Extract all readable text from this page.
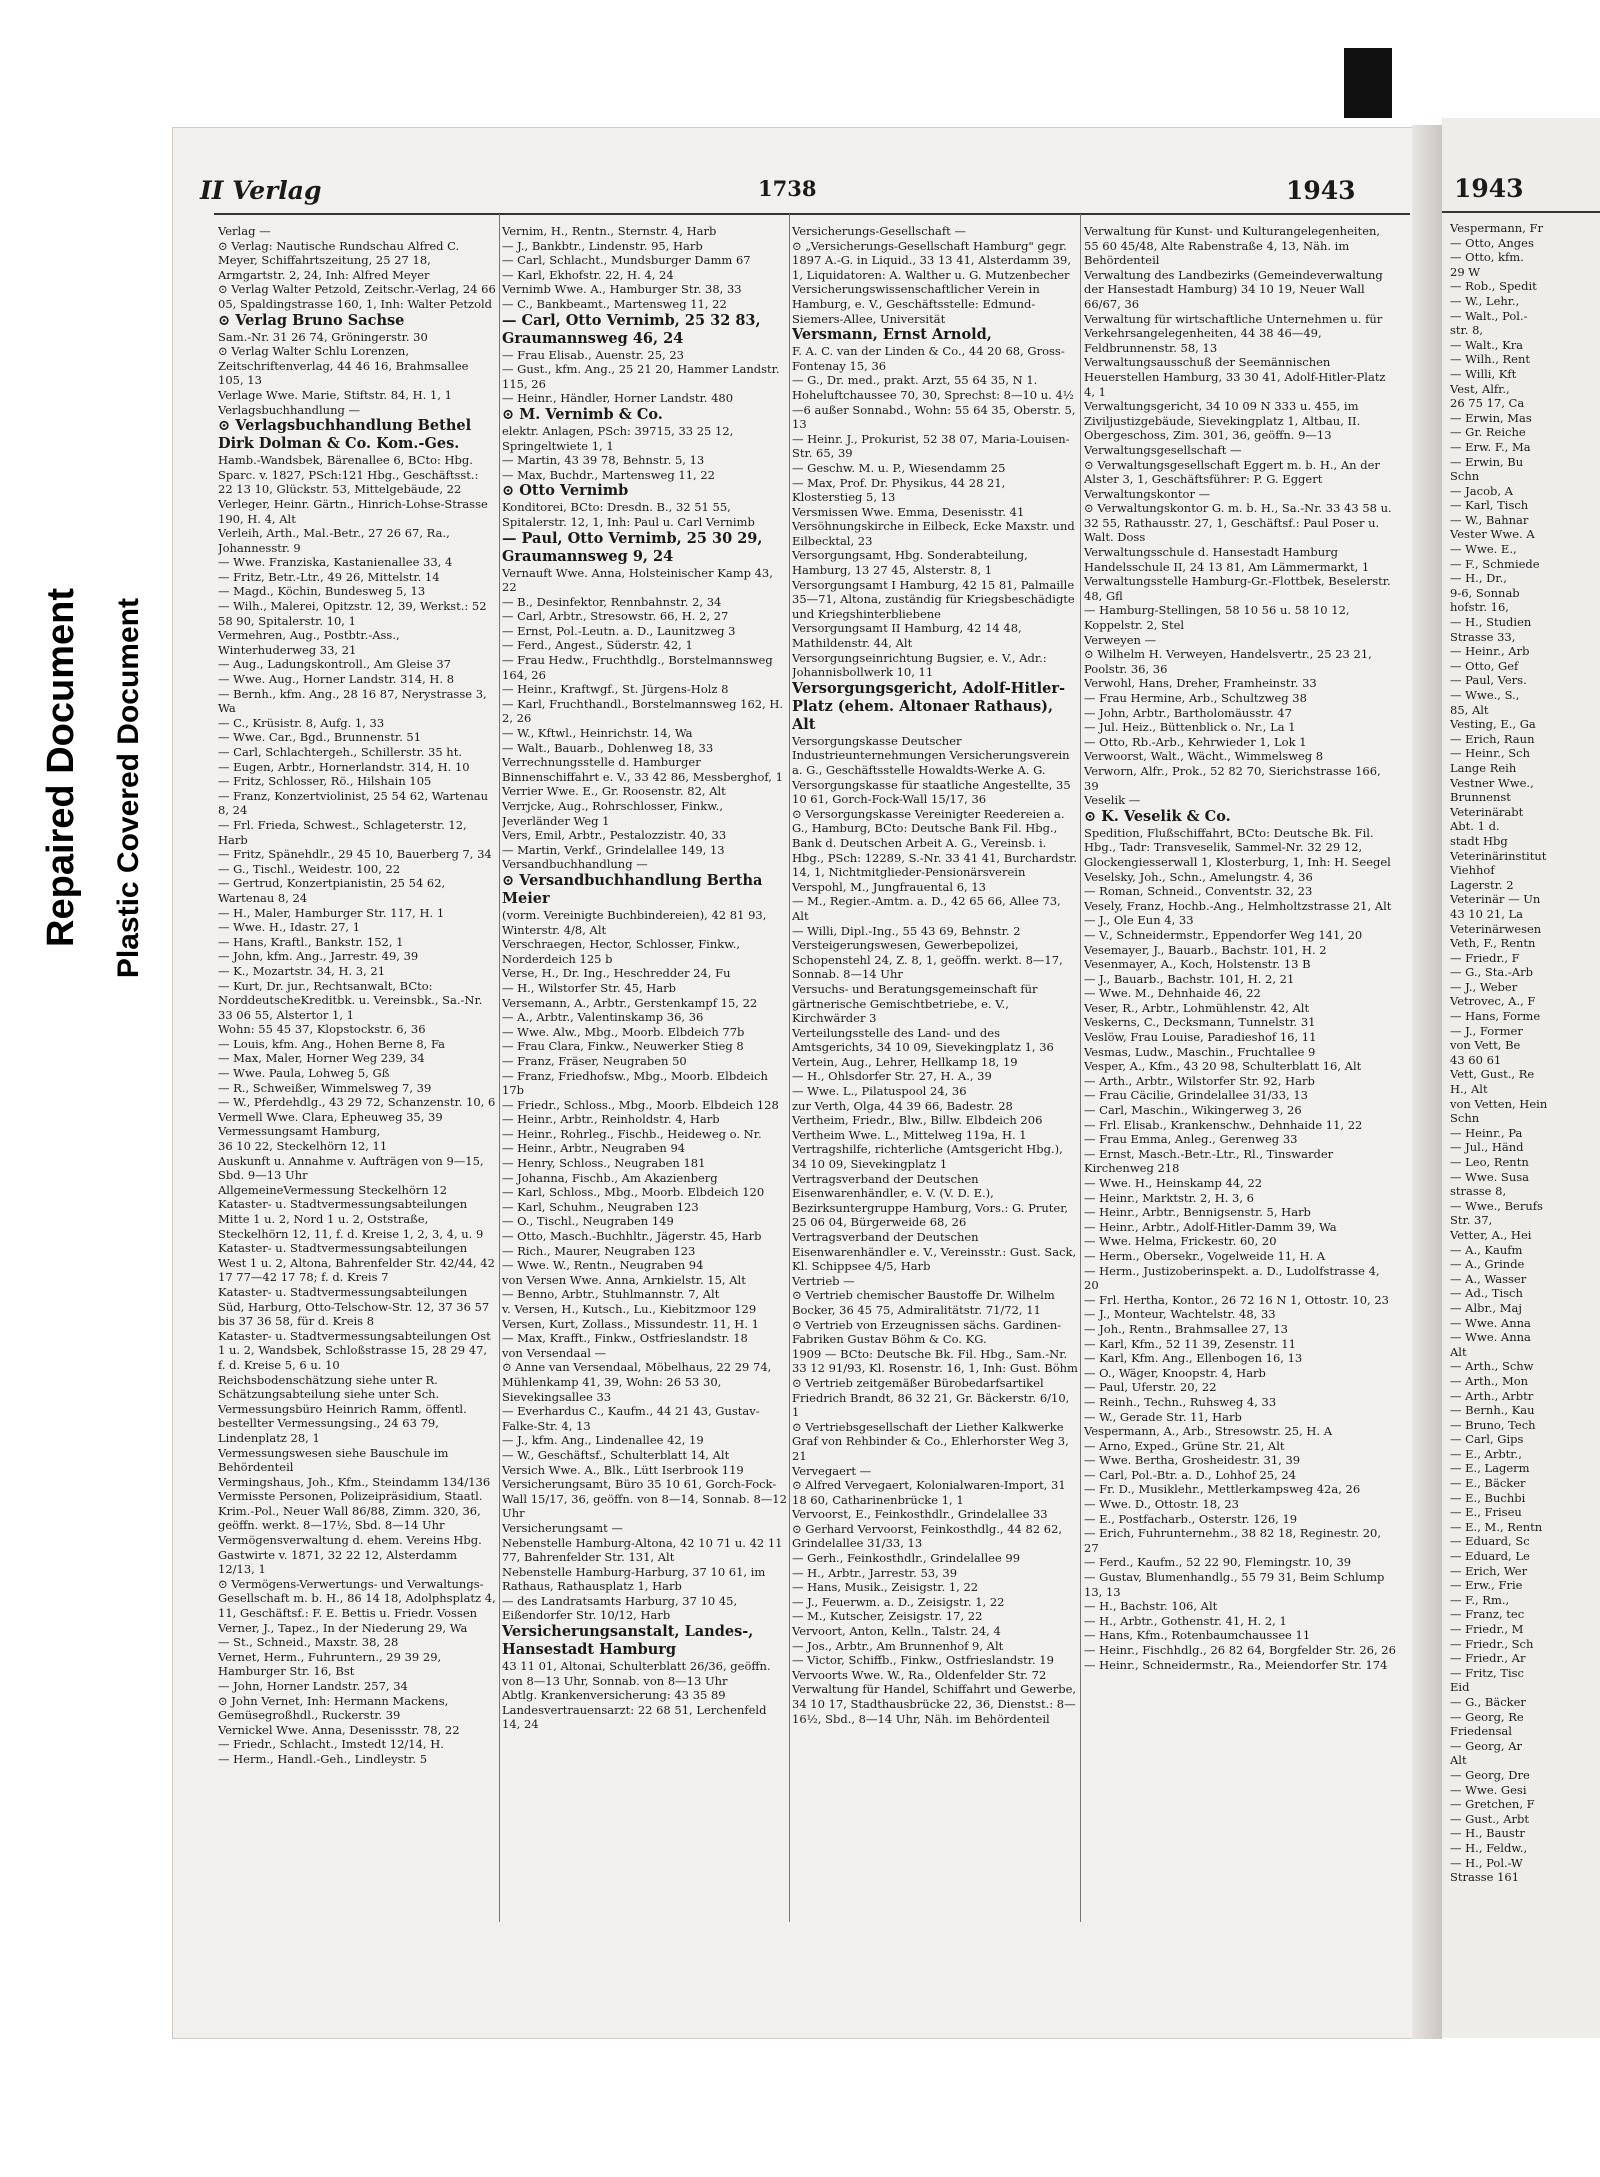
Repaired Document Plastic Covered Document
II Verlag	1738	1943
Verlag —
⊙ Verlag: Nautische Rundschau Alfred C. Meyer, Schiffahrtszeitung, 25 27 18, Armgartstr. 2, 24, Inh: Alfred Meyer
⊙ Verlag Walter Petzold, Zeitschr.-Verlag, 24 66 05, Spaldingstrasse 160, 1, Inh: Walter Petzold
⊙ Verlag Bruno Sachse
Sam.-Nr. 31 26 74, Gröningerstr. 30
⊙ Verlag Walter Schlu Lorenzen, Zeitschriftenverlag, 44 46 16, Brahmsallee 105, 13
Verlage Wwe. Marie, Stiftstr. 84, H. 1, 1
Verlagsbuchhandlung —
⊙ Verlagsbuchhandlung Bethel Dirk Dolman & Co. Kom.-Ges.
Hamb.-Wandsbek, Bärenallee 6, BCto: Hbg. Sparc. v. 1827, PSch:121 Hbg., Geschäftsst.: 22 13 10, Glückstr. 53, Mittelgebäude, 22
Verleger, Heinr. Gärtn., Hinrich-Lohse-Strasse 190, H. 4, Alt
Verleih, Arth., Mal.-Betr., 27 26 67, Ra., Johannesstr. 9
— Wwe. Franziska, Kastanienallee 33, 4
— Fritz, Betr.-Ltr., 49 26, Mittelstr. 14
— Magd., Köchin, Bundesweg 5, 13
— Wilh., Malerei, Opitzstr. 12, 39, Werkst.: 52 58 90, Spitalerstr. 10, 1
Vermehren, Aug., Postbtr.-Ass., Winterhuderweg 33, 21
— Aug., Ladungskontroll., Am Gleise 37
— Wwe. Aug., Horner Landstr. 314, H. 8
— Bernh., kfm. Ang., 28 16 87, Nerystrasse 3, Wa
— C., Krüsistr. 8, Aufg. 1, 33
— Wwe. Car., Bgd., Brunnenstr. 51
— Carl, Schlachtergeh., Schillerstr. 35 ht.
— Eugen, Arbtr., Hornerlandstr. 314, H. 10
— Fritz, Schlosser, Rö., Hilshain 105
— Franz, Konzertviolinist, 25 54 62, Wartenau 8, 24
— Frl. Frieda, Schwest., Schlageterstr. 12, Harb
— Fritz, Spänehdlr., 29 45 10, Bauerberg 7, 34
— G., Tischl., Weidestr. 100, 22
— Gertrud, Konzertpianistin, 25 54 62, Wartenau 8, 24
— H., Maler, Hamburger Str. 117, H. 1
— Wwe. H., Idastr. 27, 1
— Hans, Kraftl., Bankstr. 152, 1
— John, kfm. Ang., Jarrestr. 49, 39
— K., Mozartstr. 34, H. 3, 21
— Kurt, Dr. jur., Rechtsanwalt, BCto: NorddeutscheKreditbk. u. Vereinsbk., Sa.-Nr. 33 06 55, Alstertor 1, 1
Wohn: 55 45 37, Klopstockstr. 6, 36
— Louis, kfm. Ang., Hohen Berne 8, Fa
— Max, Maler, Horner Weg 239, 34
— Wwe. Paula, Lohweg 5, Gß
— R., Schweißer, Wimmelsweg 7, 39
— W., Pferdehdlg., 43 29 72, Schanzenstr. 10, 6
Vermell Wwe. Clara, Epheuweg 35, 39
Vermessungsamt Hamburg,
36 10 22, Steckelhörn 12, 11
Auskunft u. Annahme v. Aufträgen von 9—15, Sbd. 9—13 Uhr
AllgemeineVermessung Steckelhörn 12
Kataster- u. Stadtvermessungsabteilungen Mitte 1 u. 2, Nord 1 u. 2, Oststraße, Steckelhörn 12, 11, f. d. Kreise 1, 2, 3, 4, u. 9
Kataster- u. Stadtvermessungsabteilungen West 1 u. 2, Altona, Bahrenfelder Str. 42/44, 42 17 77—42 17 78; f. d. Kreis 7
Kataster- u. Stadtvermessungsabteilungen Süd, Harburg, Otto-Telschow-Str. 12, 37 36 57 bis 37 36 58, für d. Kreis 8
Kataster- u. Stadtvermessungsabteilungen Ost 1 u. 2, Wandsbek, Schloßstrasse 15, 28 29 47, f. d. Kreise 5, 6 u. 10
Reichsbodenschätzung siehe unter R. Schätzungsabteilung siehe unter Sch.
Vermessungsbüro Heinrich Ramm, öffentl. bestellter Vermessungsing., 24 63 79, Lindenplatz 28, 1
Vermessungswesen siehe Bauschule im Behördenteil
Vermingshaus, Joh., Kfm., Steindamm 134/136
Vermisste Personen, Polizeipräsidium, Staatl. Krim.-Pol., Neuer Wall 86/88, Zimm. 320, 36, geöffn. werkt. 8—17½, Sbd. 8—14 Uhr
Vermögensverwaltung d. ehem. Vereins Hbg. Gastwirte v. 1871, 32 22 12, Alsterdamm 12/13, 1
⊙ Vermögens-Verwertungs- und Verwaltungs-Gesellschaft m. b. H., 86 14 18, Adolphsplatz 4, 11, Geschäftsf.: F. E. Bettis u. Friedr. Vossen
Verner, J., Tapez., In der Niederung 29, Wa
— St., Schneid., Maxstr. 38, 28
Vernet, Herm., Fuhruntern., 29 39 29, Hamburger Str. 16, Bst
— John, Horner Landstr. 257, 34
⊙ John Vernet, Inh: Hermann Mackens, Gemüsegroßhdl., Ruckerstr. 39
Vernickel Wwe. Anna, Desenissstr. 78, 22
— Friedr., Schlacht., Imstedt 12/14, H.
— Herm., Handl.-Geh., Lindleystr. 5
Vernim, H., Rentn., Sternstr. 4, Harb
— J., Bankbtr., Lindenstr. 95, Harb
— Carl, Schlacht., Mundsburger Damm 67
— Karl, Ekhofstr. 22, H. 4, 24
Vernimb Wwe. A., Hamburger Str. 38, 33
— C., Bankbeamt., Martensweg 11, 22
— Carl, Otto Vernimb, 25 32 83, Graumannsweg 46, 24
— Frau Elisab., Auenstr. 25, 23
— Gust., kfm. Ang., 25 21 20, Hammer Landstr. 115, 26
— Heinr., Händler, Horner Landstr. 480
⊙ M. Vernimb & Co.
elektr. Anlagen, PSch: 39715, 33 25 12, Springeltwiete 1, 1
— Martin, 43 39 78, Behnstr. 5, 13
— Max, Buchdr., Martensweg 11, 22
⊙ Otto Vernimb
Konditorei, BCto: Dresdn. B., 32 51 55, Spitalerstr. 12, 1, Inh: Paul u. Carl Vernimb
— Paul, Otto Vernimb, 25 30 29, Graumannsweg 9, 24
Vernauft Wwe. Anna, Holsteinischer Kamp 43, 22
— B., Desinfektor, Rennbahnstr. 2, 34
— Carl, Arbtr., Stresowstr. 66, H. 2, 27
— Ernst, Pol.-Leutn. a. D., Launitzweg 3
— Ferd., Angest., Süderstr. 42, 1
— Frau Hedw., Fruchthdlg., Borstelmannsweg 164, 26
— Heinr., Kraftwgf., St. Jürgens-Holz 8
— Karl, Fruchthandl., Borstelmannsweg 162, H. 2, 26
— W., Kftwl., Heinrichstr. 14, Wa
— Walt., Bauarb., Dohlenweg 18, 33
Verrechnungsstelle d. Hamburger Binnenschiffahrt e. V., 33 42 86, Messberghof, 1
Verrier Wwe. E., Gr. Roosenstr. 82, Alt
Verrjcke, Aug., Rohrschlosser, Finkw., Jeverländer Weg 1
Vers, Emil, Arbtr., Pestalozzistr. 40, 33
— Martin, Verkf., Grindelallee 149, 13
Versandbuchhandlung —
⊙ Versandbuchhandlung Bertha Meier
(vorm. Vereinigte Buchbindereien), 42 81 93, Winterstr. 4/8, Alt
Verschraegen, Hector, Schlosser, Finkw., Norderdeich 125 b
Verse, H., Dr. Ing., Heschredder 24, Fu
— H., Wilstorfer Str. 45, Harb
Versemann, A., Arbtr., Gerstenkampf 15, 22
— A., Arbtr., Valentinskamp 36, 36
— Wwe. Alw., Mbg., Moorb. Elbdeich 77b
— Frau Clara, Finkw., Neuwerker Stieg 8
— Franz, Fräser, Neugraben 50
— Franz, Friedhofsw., Mbg., Moorb. Elbdeich 17b
— Friedr., Schloss., Mbg., Moorb. Elbdeich 128
— Heinr., Arbtr., Reinholdstr. 4, Harb
— Heinr., Rohrleg., Fischb., Heideweg o. Nr.
— Heinr., Arbtr., Neugraben 94
— Henry, Schloss., Neugraben 181
— Johanna, Fischb., Am Akazienberg
— Karl, Schloss., Mbg., Moorb. Elbdeich 120
— Karl, Schuhm., Neugraben 123
— O., Tischl., Neugraben 149
— Otto, Masch.-Buchhltr., Jägerstr. 45, Harb
— Rich., Maurer, Neugraben 123
— Wwe. W., Rentn., Neugraben 94
von Versen Wwe. Anna, Arnkielstr. 15, Alt
— Benno, Arbtr., Stuhlmannstr. 7, Alt
v. Versen, H., Kutsch., Lu., Kiebitzmoor 129
Versen, Kurt, Zollass., Missundestr. 11, H. 1
— Max, Krafft., Finkw., Ostfrieslandstr. 18
von Versendaal —
⊙ Anne van Versendaal, Möbelhaus, 22 29 74, Mühlenkamp 41, 39, Wohn: 26 53 30, Sievekingsallee 33
— Everhardus C., Kaufm., 44 21 43, Gustav-Falke-Str. 4, 13
— J., kfm. Ang., Lindenallee 42, 19
— W., Geschäftsf., Schulterblatt 14, Alt
Versich Wwe. A., Blk., Lütt Iserbrook 119
Versicherungsamt, Büro 35 10 61, Gorch-Fock-Wall 15/17, 36, geöffn. von 8—14, Sonnab. 8—12 Uhr
Versicherungsamt —
Nebenstelle Hamburg-Altona, 42 10 71 u. 42 11 77, Bahrenfelder Str. 131, Alt
Nebenstelle Hamburg-Harburg, 37 10 61, im Rathaus, Rathausplatz 1, Harb
— des Landratsamts Harburg, 37 10 45, Eißendorfer Str. 10/12, Harb
Versicherungsanstalt, Landes-, Hansestadt Hamburg
43 11 01, Altonai, Schulterblatt 26/36, geöffn. von 8—13 Uhr, Sonnab. von 8—13 Uhr
Abtlg. Krankenversicherung: 43 35 89
Landesvertrauensarzt: 22 68 51, Lerchenfeld 14, 24
Versicherungs-Gesellschaft —
⊙ „Versicherungs-Gesellschaft Hamburg" gegr. 1897 A.-G. in Liquid., 33 13 41, Alsterdamm 39, 1, Liquidatoren: A. Walther u. G. Mutzenbecher
Versicherungswissenschaftlicher Verein in Hamburg, e. V., Geschäftsstelle: Edmund-Siemers-Allee, Universität
Versmann, Ernst Arnold,
F. A. C. van der Linden & Co., 44 20 68, Gross-Fontenay 15, 36
— G., Dr. med., prakt. Arzt, 55 64 35, N 1. Hoheluftchaussee 70, 30, Sprechst: 8—10 u. 4½—6 außer Sonnabd., Wohn: 55 64 35, Oberstr. 5, 13
— Heinr. J., Prokurist, 52 38 07, Maria-Louisen-Str. 65, 39
— Geschw. M. u. P., Wiesendamm 25
— Max, Prof. Dr. Physikus, 44 28 21, Klosterstieg 5, 13
Versmissen Wwe. Emma, Desenisstr. 41
Versöhnungskirche in Eilbeck, Ecke Maxstr. und Eilbecktal, 23
Versorgungsamt, Hbg. Sonderabteilung, Hamburg, 13 27 45, Alsterstr. 8, 1
Versorgungsamt I Hamburg, 42 15 81, Palmaille 35—71, Altona, zuständig für Kriegsbeschädigte und Kriegshinterbliebene
Versorgungsamt II Hamburg, 42 14 48, Mathildenstr. 44, Alt
Versorgungseinrichtung Bugsier, e. V., Adr.: Johannisbollwerk 10, 11
Versorgungsgericht, Adolf-Hitler-Platz (ehem. Altonaer Rathaus), Alt
Versorgungskasse Deutscher Industrieunternehmungen Versicherungsverein a. G., Geschäftsstelle Howaldts-Werke A. G.
Versorgungskasse für staatliche Angestellte, 35 10 61, Gorch-Fock-Wall 15/17, 36
⊙ Versorgungskasse Vereinigter Reedereien a. G., Hamburg, BCto: Deutsche Bank Fil. Hbg., Bank d. Deutschen Arbeit A. G., Vereinsb. i. Hbg., PSch: 12289, S.-Nr. 33 41 41, Burchardstr. 14, 1, Nichtmitglieder-Pensionärsverein
Verspohl, M., Jungfrauental 6, 13
— M., Regier.-Amtm. a. D., 42 65 66, Allee 73, Alt
— Willi, Dipl.-Ing., 55 43 69, Behnstr. 2
Versteigerungswesen, Gewerbepolizei, Schopenstehl 24, Z. 8, 1, geöffn. werkt. 8—17, Sonnab. 8—14 Uhr
Versuchs- und Beratungsgemeinschaft für gärtnerische Gemischtbetriebe, e. V., Kirchwärder 3
Verteilungsstelle des Land- und des Amtsgerichts, 34 10 09, Sievekingplatz 1, 36
Vertein, Aug., Lehrer, Hellkamp 18, 19
— H., Ohlsdorfer Str. 27, H. A., 39
— Wwe. L., Pilatuspool 24, 36
zur Verth, Olga, 44 39 66, Badestr. 28
Vertheim, Friedr., Blw., Billw. Elbdeich 206
Vertheim Wwe. L., Mittelweg 119a, H. 1
Vertragshilfe, richterliche (Amtsgericht Hbg.), 34 10 09, Sievekingplatz 1
Vertragsverband der Deutschen Eisenwarenhändler, e. V. (V. D. E.), Bezirksuntergruppe Hamburg, Vors.: G. Pruter, 25 06 04, Bürgerweide 68, 26
Vertragsverband der Deutschen Eisenwarenhändler e. V., Vereinsstr.: Gust. Sack, Kl. Schippsee 4/5, Harb
Vertrieb —
⊙ Vertrieb chemischer Baustoffe Dr. Wilhelm Bocker, 36 45 75, Admiralitätstr. 71/72, 11
⊙ Vertrieb von Erzeugnissen sächs. Gardinen-Fabriken Gustav Böhm & Co. KG.
1909 — BCto: Deutsche Bk. Fil. Hbg., Sam.-Nr. 33 12 91/93, Kl. Rosenstr. 16, 1, Inh: Gust. Böhm
⊙ Vertrieb zeitgemäßer Bürobedarfsartikel Friedrich Brandt, 86 32 21, Gr. Bäckerstr. 6/10, 1
⊙ Vertriebsgesellschaft der Liether Kalkwerke Graf von Rehbinder & Co., Ehlerhorster Weg 3, 21
Vervegaert —
⊙ Alfred Vervegaert, Kolonialwaren-Import, 31 18 60, Catharinenbrücke 1, 1
Vervoorst, E., Feinkosthdlr., Grindelallee 33
⊙ Gerhard Vervoorst, Feinkosthdlg., 44 82 62, Grindelallee 31/33, 13
— Gerh., Feinkosthdlr., Grindelallee 99
— H., Arbtr., Jarrestr. 53, 39
— Hans, Musik., Zeisigstr. 1, 22
— J., Feuerwm. a. D., Zeisigstr. 1, 22
— M., Kutscher, Zeisigstr. 17, 22
Vervoort, Anton, Kelln., Talstr. 24, 4
— Jos., Arbtr., Am Brunnenhof 9, Alt
— Victor, Schiffb., Finkw., Ostfrieslandstr. 19
Vervoorts Wwe. W., Ra., Oldenfelder Str. 72
Verwaltung für Handel, Schiffahrt und Gewerbe, 34 10 17, Stadthausbrücke 22, 36, Dienstst.: 8—16½, Sbd., 8—14 Uhr, Näh. im Behördenteil
Verwaltung für Kunst- und Kulturangelegenheiten, 55 60 45/48, Alte Rabenstraße 4, 13, Näh. im Behördenteil
Verwaltung des Landbezirks (Gemeindeverwaltung der Hansestadt Hamburg) 34 10 19, Neuer Wall 66/67, 36
Verwaltung für wirtschaftliche Unternehmen u. für Verkehrsangelegenheiten, 44 38 46—49, Feldbrunnenstr. 58, 13
Verwaltungsausschuß der Seemännischen Heuerstellen Hamburg, 33 30 41, Adolf-Hitler-Platz 4, 1
Verwaltungsgericht, 34 10 09 N 333 u. 455, im Ziviljustizgebäude, Sievekingplatz 1, Altbau, II. Obergeschoss, Zim. 301, 36, geöffn. 9—13
Verwaltungsgesellschaft —
⊙ Verwaltungsgesellschaft Eggert m. b. H., An der Alster 3, 1, Geschäftsführer: P. G. Eggert
Verwaltungskontor —
⊙ Verwaltungskontor G. m. b. H., Sa.-Nr. 33 43 58 u. 32 55, Rathausstr. 27, 1, Geschäftsf.: Paul Poser u. Walt. Doss
Verwaltungsschule d. Hansestadt Hamburg Handelsschule II, 24 13 81, Am Lämmermarkt, 1
Verwaltungsstelle Hamburg-Gr.-Flottbek, Beselerstr. 48, Gfl
— Hamburg-Stellingen, 58 10 56 u. 58 10 12, Koppelstr. 2, Stel
Verweyen —
⊙ Wilhelm H. Verweyen, Handelsvertr., 25 23 21, Poolstr. 36, 36
Verwohl, Hans, Dreher, Framheinstr. 33
— Frau Hermine, Arb., Schultzweg 38
— John, Arbtr., Bartholomäusstr. 47
— Jul. Heiz., Büttenblick o. Nr., La 1
— Otto, Rb.-Arb., Kehrwieder 1, Lok 1
Verwoorst, Walt., Wächt., Wimmelsweg 8
Verworn, Alfr., Prok., 52 82 70, Sierichstrasse 166, 39
Veselik —
⊙ K. Veselik & Co.
Spedition, Flußschiffahrt, BCto: Deutsche Bk. Fil. Hbg., Tadr: Transveselik, Sammel-Nr. 32 29 12, Glockengiesserwall 1, Klosterburg, 1, Inh: H. Seegel
Veselsky, Joh., Schn., Amelungstr. 4, 36
— Roman, Schneid., Conventstr. 32, 23
Vesely, Franz, Hochb.-Ang., Helmholtzstrasse 21, Alt
— J., Ole Eun 4, 33
— V., Schneidermstr., Eppendorfer Weg 141, 20
Vesemayer, J., Bauarb., Bachstr. 101, H. 2
Vesenmayer, A., Koch, Holstenstr. 13 B
— J., Bauarb., Bachstr. 101, H. 2, 21
— Wwe. M., Dehnhaide 46, 22
Veser, R., Arbtr., Lohmühlenstr. 42, Alt
Veskerns, C., Decksmann, Tunnelstr. 31
Veslöw, Frau Louise, Paradieshof 16, 11
Vesmas, Ludw., Maschin., Fruchtallee 9
Vesper, A., Kfm., 43 20 98, Schulterblatt 16, Alt
— Arth., Arbtr., Wilstorfer Str. 92, Harb
— Frau Cäcilie, Grindelallee 31/33, 13
— Carl, Maschin., Wikingerweg 3, 26
— Frl. Elisab., Krankenschw., Dehnhaide 11, 22
— Frau Emma, Anleg., Gerenweg 33
— Ernst, Masch.-Betr.-Ltr., Rl., Tinswarder Kirchenweg 218
— Wwe. H., Heinskamp 44, 22
— Heinr., Marktstr. 2, H. 3, 6
— Heinr., Arbtr., Bennigsenstr. 5, Harb
— Heinr., Arbtr., Adolf-Hitler-Damm 39, Wa
— Wwe. Helma, Frickestr. 60, 20
— Herm., Obersekr., Vogelweide 11, H. A
— Herm., Justizoberinspekt. a. D., Ludolfstrasse 4, 20
— Frl. Hertha, Kontor., 26 72 16 N 1, Ottostr. 10, 23
— J., Monteur, Wachtelstr. 48, 33
— Joh., Rentn., Brahmsallee 27, 13
— Karl, Kfm., 52 11 39, Zesenstr. 11
— Karl, Kfm. Ang., Ellenbogen 16, 13
— O., Wäger, Knoopstr. 4, Harb
— Paul, Uferstr. 20, 22
— Reinh., Techn., Ruhsweg 4, 33
— W., Gerade Str. 11, Harb
Vespermann, A., Arb., Stresowstr. 25, H. A
— Arno, Exped., Grüne Str. 21, Alt
— Wwe. Bertha, Grosheidestr. 31, 39
— Carl, Pol.-Btr. a. D., Lohhof 25, 24
— Fr. D., Musiklehr., Mettlerkampsweg 42a, 26
— Wwe. D., Ottostr. 18, 23
— E., Postfacharb., Osterstr. 126, 19
— Erich, Fuhrunternehm., 38 82 18, Reginestr. 20, 27
— Ferd., Kaufm., 52 22 90, Flemingstr. 10, 39
— Gustav, Blumenhandlg., 55 79 31, Beim Schlump 13, 13
— H., Bachstr. 106, Alt
— H., Arbtr., Gothenstr. 41, H. 2, 1
— Hans, Kfm., Rotenbaumchaussee 11
— Heinr., Fischhdlg., 26 82 64, Borgfelder Str. 26, 26
— Heinr., Schneidermstr., Ra., Meiendorfer Str. 174
1943
Vespermann, Fr
— Otto, Anges
— Otto, kfm.
29 W
— Rob., Spedit
— W., Lehr.,
— Walt., Pol.-
str. 8,
— Walt., Kra
— Wilh., Rent
— Willi, Kft
Vest, Alfr.,
26 75 17, Ca
— Erwin, Mas
— Gr. Reiche
— Erw. F., Ma
— Erwin, Bu
Schn
— Jacob, A
— Karl, Tisch
— W., Bahnar
Vester Wwe. A
— Wwe. E.,
— F., Schmiede
— H., Dr.,
9-6, Sonnab
hofstr. 16,
— H., Studien
Strasse 33,
— Heinr., Arb
— Otto, Gef
— Paul, Vers.
— Wwe., S.,
85, Alt
Vesting, E., Ga
— Erich, Raun
— Heinr., Sch
Lange Reih
Vestner Wwe.,
Brunnenst
Veterinärabt
Abt. 1 d.
stadt Hbg
Veterinärinstitut
Viehhof
Lagerstr. 2
Veterinär — Un
43 10 21, La
Veterinärwesen
Veth, F., Rentn
— Friedr., F
— G., Sta.-Arb
— J., Weber
Vetrovec, A., F
— Hans, Forme
— J., Former
von Vett, Be
43 60 61
Vett, Gust., Re
H., Alt
von Vetten, Hein
Schn
— Heinr., Pa
— Jul., Händ
— Leo, Rentn
— Wwe. Susa
strasse 8,
— Wwe., Berufs
Str. 37,
Vetter, A., Hei
— A., Kaufm
— A., Grinde
— A., Wasser
— Ad., Tisch
— Albr., Maj
— Wwe. Anna
— Wwe. Anna
Alt
— Arth., Schw
— Arth., Mon
— Arth., Arbtr
— Bernh., Kau
— Bruno, Tech
— Carl, Gips
— E., Arbtr.,
— E., Lagerm
— E., Bäcker
— E., Buchbi
— E., Friseu
— E., M., Rentn
— Eduard, Sc
— Eduard, Le
— Erich, Wer
— Erw., Frie
— F., Rm.,
— Franz, tec
— Friedr., M
— Friedr., Sch
— Friedr., Ar
— Fritz, Tisc
Eid
— G., Bäcker
— Georg, Re
Friedensal
— Georg, Ar
Alt
— Georg, Dre
— Wwe. Gesi
— Gretchen, F
— Gust., Arbt
— H., Baustr
— H., Feldw.,
— H., Pol.-W
Strasse 161
